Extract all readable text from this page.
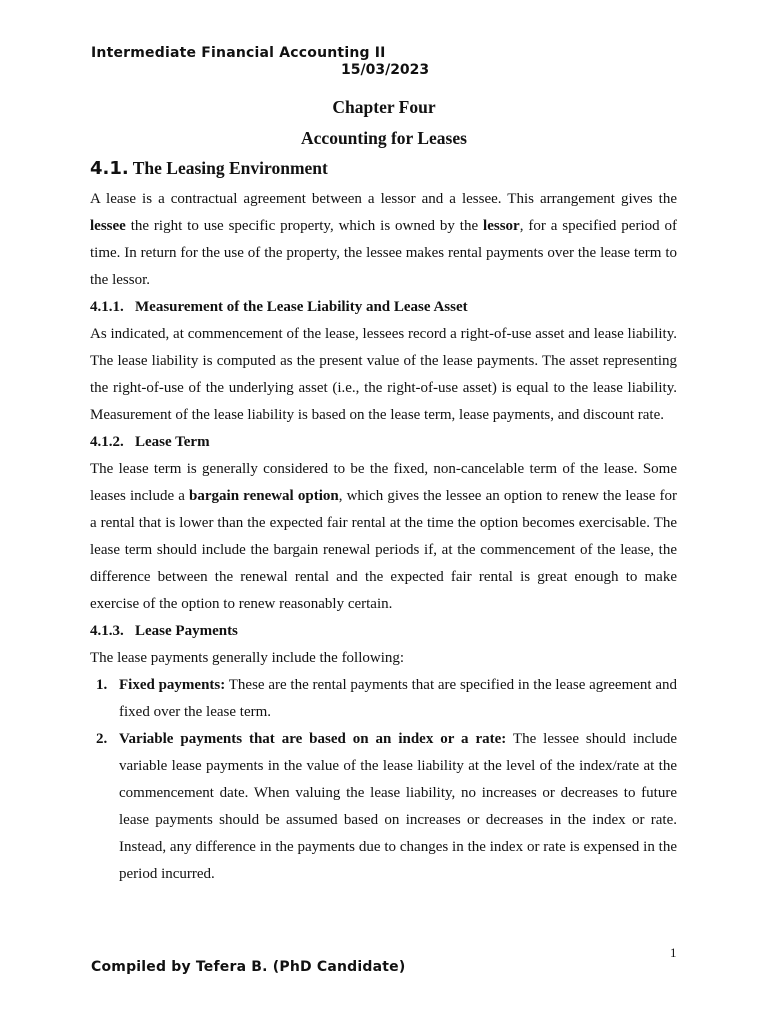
Intermediate Financial Accounting II
15/03/2023
Chapter Four
Accounting for Leases
4.1. The Leasing Environment

A lease is a contractual agreement between a lessor and a lessee. This arrangement gives the lessee the right to use specific property, which is owned by the lessor, for a specified period of time. In return for the use of the property, the lessee makes rental payments over the lease term to the lessor.

4.1.1. Measurement of the Lease Liability and Lease Asset

As indicated, at commencement of the lease, lessees record a right-of-use asset and lease liability. The lease liability is computed as the present value of the lease payments. The asset representing the right-of-use of the underlying asset (i.e., the right-of-use asset) is equal to the lease liability. Measurement of the lease liability is based on the lease term, lease payments, and discount rate.

4.1.2. Lease Term

The lease term is generally considered to be the fixed, non-cancelable term of the lease. Some leases include a bargain renewal option, which gives the lessee an option to renew the lease for a rental that is lower than the expected fair rental at the time the option becomes exercisable. The lease term should include the bargain renewal periods if, at the commencement of the lease, the difference between the renewal rental and the expected fair rental is great enough to make exercise of the option to renew reasonably certain.

4.1.3. Lease Payments

The lease payments generally include the following:

1. Fixed payments: These are the rental payments that are specified in the lease agreement and fixed over the lease term.
2. Variable payments that are based on an index or a rate: The lessee should include variable lease payments in the value of the lease liability at the level of the index/rate at the commencement date. When valuing the lease liability, no increases or decreases to future lease payments should be assumed based on increases or decreases in the index or rate. Instead, any difference in the payments due to changes in the index or rate is expensed in the period incurred.
1
Compiled by Tefera B. (PhD Candidate)
